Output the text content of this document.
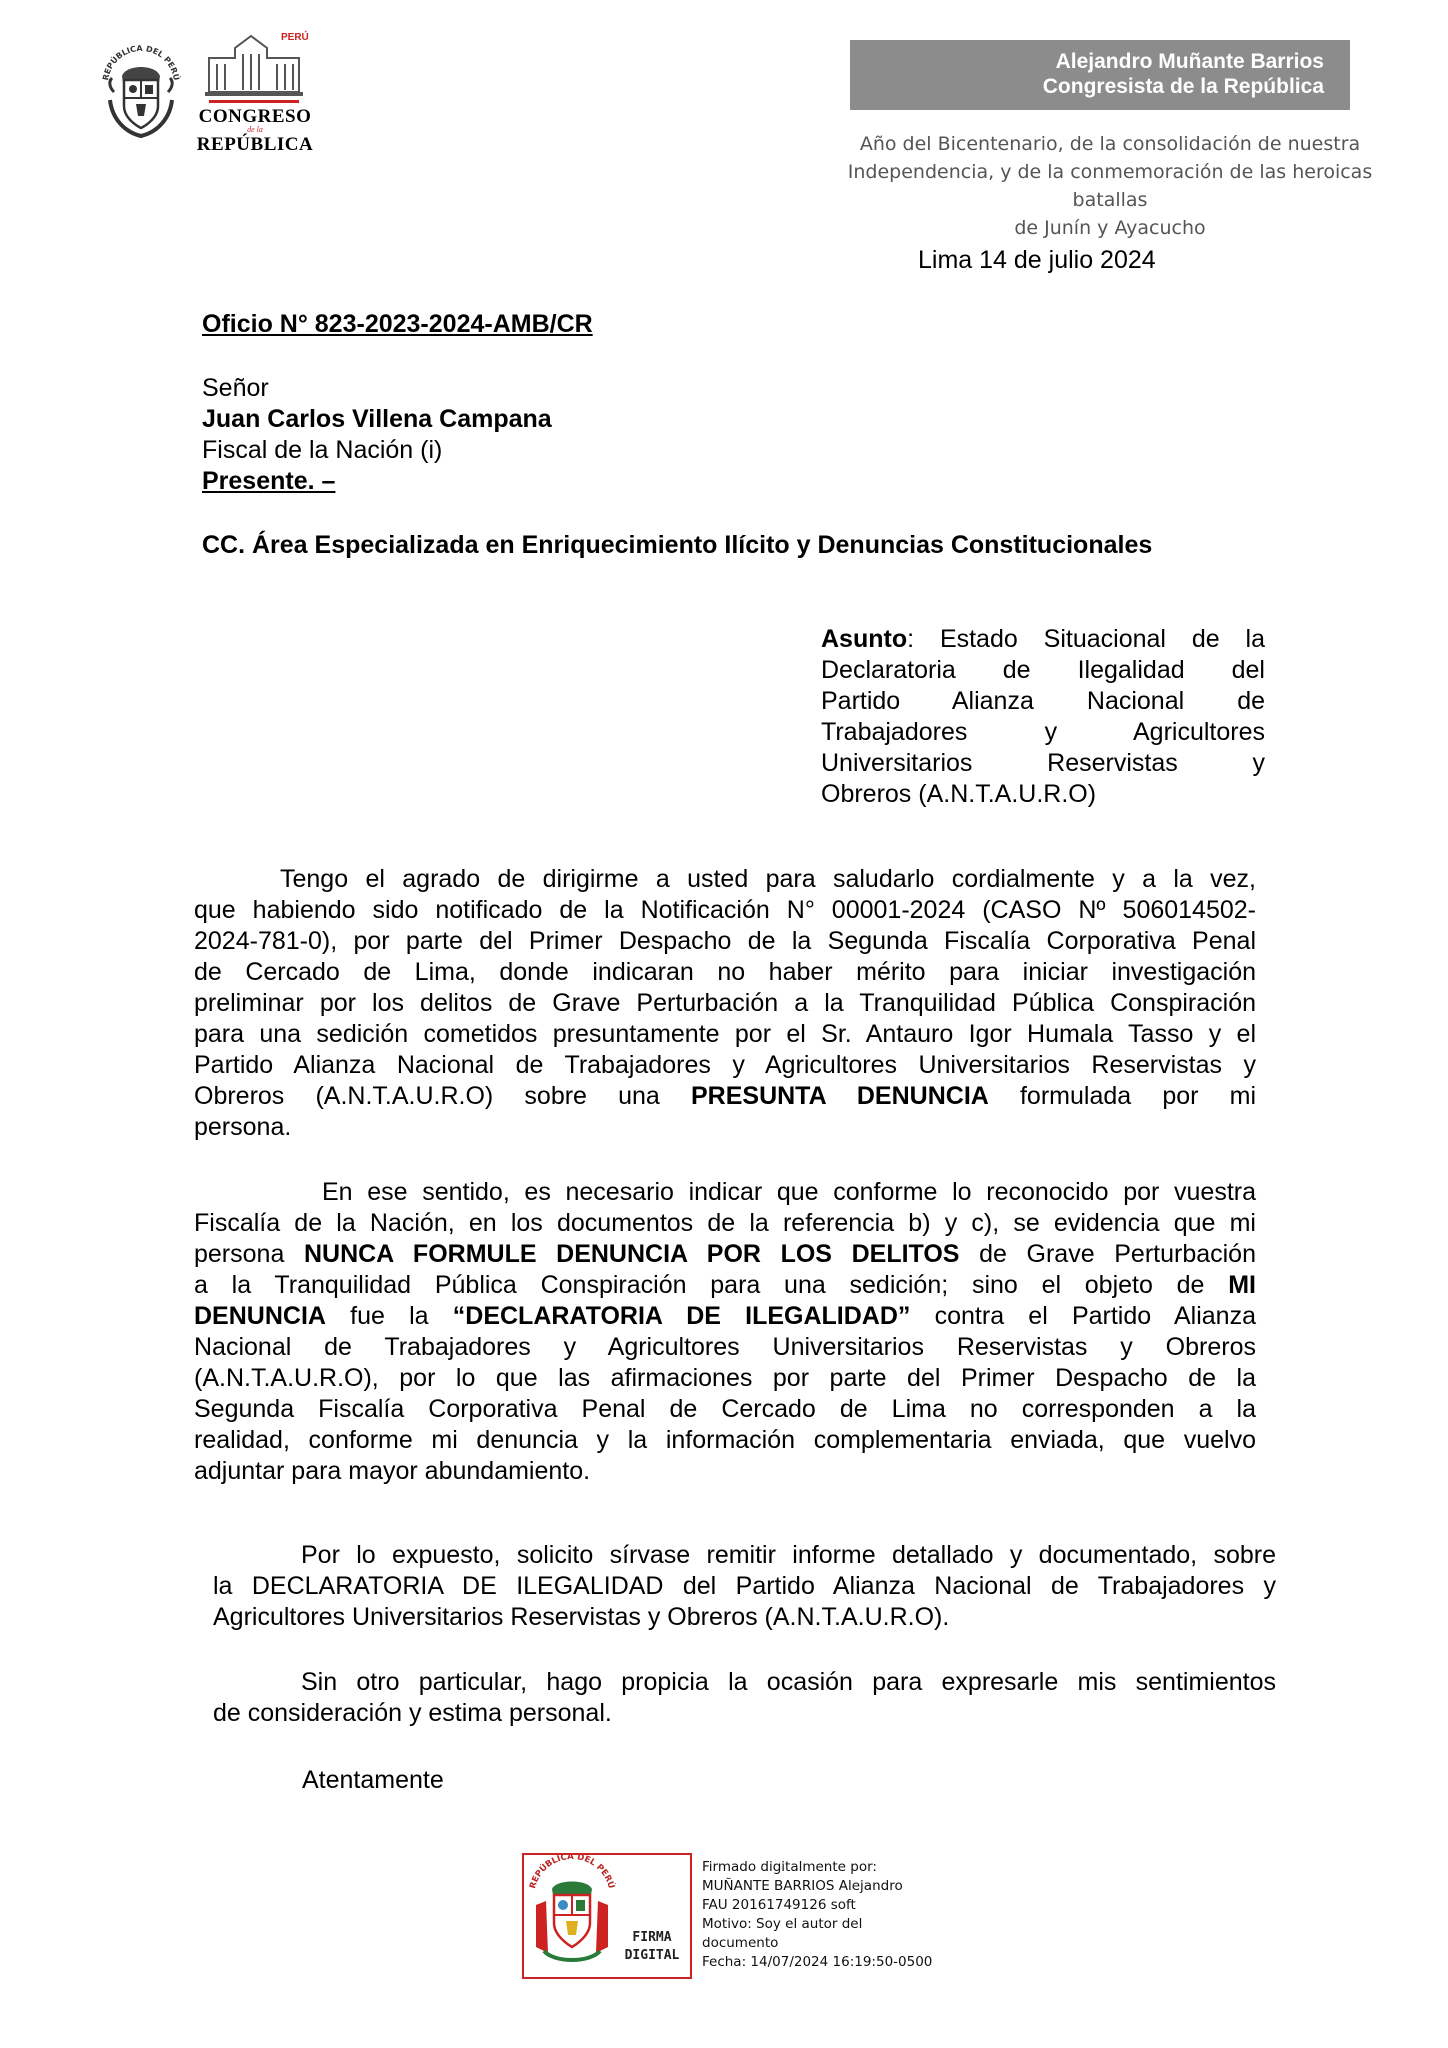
REPÚBLICA DEL PERÚ
PERÚ
CONGRESO
de la
REPÚBLICA
Alejandro Muñante Barrios
Congresista de la República
Año del Bicentenario, de la consolidación de nuestra
Independencia, y de la conmemoración de las heroicas batallas
de Junín y Ayacucho
Lima 14 de julio 2024
Oficio N° 823-2023-2024-AMB/CR
Señor
Juan Carlos Villena Campana
Fiscal de la Nación (i)
Presente. –
CC. Área Especializada en Enriquecimiento Ilícito y Denuncias Constitucionales
Asunto: Estado Situacional de la
Declaratoria de Ilegalidad del
Partido Alianza Nacional de
Trabajadores y Agricultores
Universitarios Reservistas y
Obreros (A.N.T.A.U.R.O)
Tengo el agrado de dirigirme a usted para saludarlo cordialmente y a la vez,
que habiendo sido notificado de la Notificación N° 00001-2024 (CASO Nº 506014502-
2024-781-0), por parte del Primer Despacho de la Segunda Fiscalía Corporativa Penal
de Cercado de Lima, donde indicaran no haber mérito para iniciar investigación
preliminar por los delitos de Grave Perturbación a la Tranquilidad Pública Conspiración
para una sedición cometidos presuntamente por el Sr. Antauro Igor Humala Tasso y el
Partido Alianza Nacional de Trabajadores y Agricultores Universitarios Reservistas y
Obreros (A.N.T.A.U.R.O) sobre una PRESUNTA DENUNCIA formulada por mi
persona.
En ese sentido, es necesario indicar que conforme lo reconocido por vuestra
Fiscalía de la Nación, en los documentos de la referencia b) y c), se evidencia que mi
persona NUNCA FORMULE DENUNCIA POR LOS DELITOS de Grave Perturbación
a la Tranquilidad Pública Conspiración para una sedición; sino el objeto de MI
DENUNCIA fue la “DECLARATORIA DE ILEGALIDAD” contra el Partido Alianza
Nacional de Trabajadores y Agricultores Universitarios Reservistas y Obreros
(A.N.T.A.U.R.O), por lo que las afirmaciones por parte del Primer Despacho de la
Segunda Fiscalía Corporativa Penal de Cercado de Lima no corresponden a la
realidad, conforme mi denuncia y la información complementaria enviada, que vuelvo
adjuntar para mayor abundamiento.
Por lo expuesto, solicito sírvase remitir informe detallado y documentado, sobre
la DECLARATORIA DE ILEGALIDAD del Partido Alianza Nacional de Trabajadores y
Agricultores Universitarios Reservistas y Obreros (A.N.T.A.U.R.O).
Sin otro particular, hago propicia la ocasión para expresarle mis sentimientos
de consideración y estima personal.
Atentamente
REPÚBLICA DEL PERÚ
FIRMA
DIGITAL
Firmado digitalmente por:
MUÑANTE BARRIOS Alejandro
FAU 20161749126 soft
Motivo: Soy el autor del
documento
Fecha: 14/07/2024 16:19:50-0500
